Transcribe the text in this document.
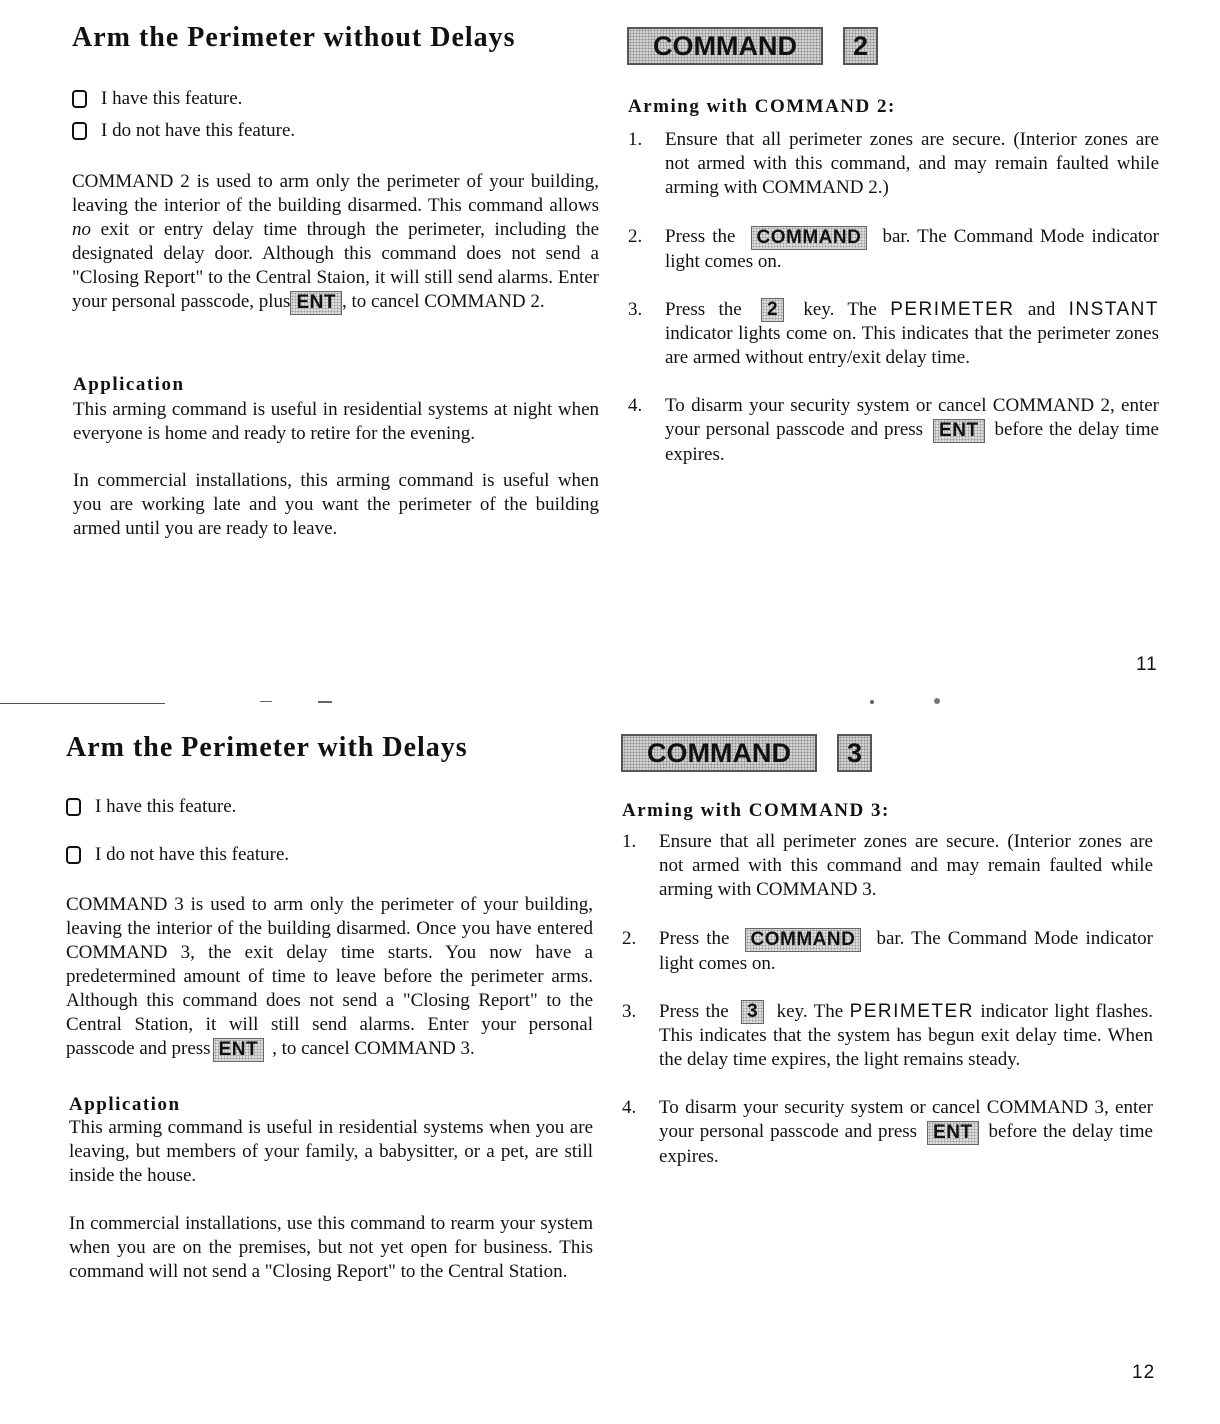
Arm the Perimeter without Delays
I have this feature.
I do not have this feature.

COMMAND 2 is used to arm only the perimeter of your building, leaving the interior of the building disarmed. This command allows no exit or entry delay time through the perimeter, including the designated delay door. Although this command does not send a "Closing Report" to the Central Staion, it will still send alarms. Enter your personal passcode, plus ENT , to cancel COMMAND 2.

Application

This arming command is useful in residential systems at night when everyone is home and ready to retire for the evening.

In commercial installations, this arming command is useful when you are working late and you want the perimeter of the building armed until you are ready to leave.

COMMAND 2
Arming with COMMAND 2:
1. Ensure that all perimeter zones are secure. (Interior zones are not armed with this command, and may remain faulted while arming with COMMAND 2.)
2. Press the COMMAND bar. The Command Mode indicator light comes on.
3. Press the 2 key. The PERIMETER and INSTANT indicator lights come on. This indicates that the perimeter zones are armed without entry/exit delay time.
4. To disarm your security system or cancel COMMAND 2, enter your personal passcode and press ENT before the delay time expires.
11
Arm the Perimeter with Delays
I have this feature.
I do not have this feature.

COMMAND 3 is used to arm only the perimeter of your building, leaving the interior of the building disarmed. Once you have entered COMMAND 3, the exit delay time starts. You now have a predetermined amount of time to leave before the perimeter arms. Although this command does not send a "Closing Report" to the Central Station, it will still send alarms. Enter your personal passcode and press ENT , to cancel COMMAND 3.

Application

This arming command is useful in residential systems when you are leaving, but members of your family, a babysitter, or a pet, are still inside the house.

In commercial installations, use this command to rearm your system when you are on the premises, but not yet open for business. This command will not send a "Closing Report" to the Central Station.

COMMAND 3
Arming with COMMAND 3:
1. Ensure that all perimeter zones are secure. (Interior zones are not armed with this command and may remain faulted while arming with COMMAND 3.
2. Press the COMMAND bar. The Command Mode indicator light comes on.
3. Press the 3 key. The PERIMETER indicator light flashes. This indicates that the system has begun exit delay time. When the delay time expires, the light remains steady.
4. To disarm your security system or cancel COMMAND 3, enter your personal passcode and press ENT before the delay time expires.
12
